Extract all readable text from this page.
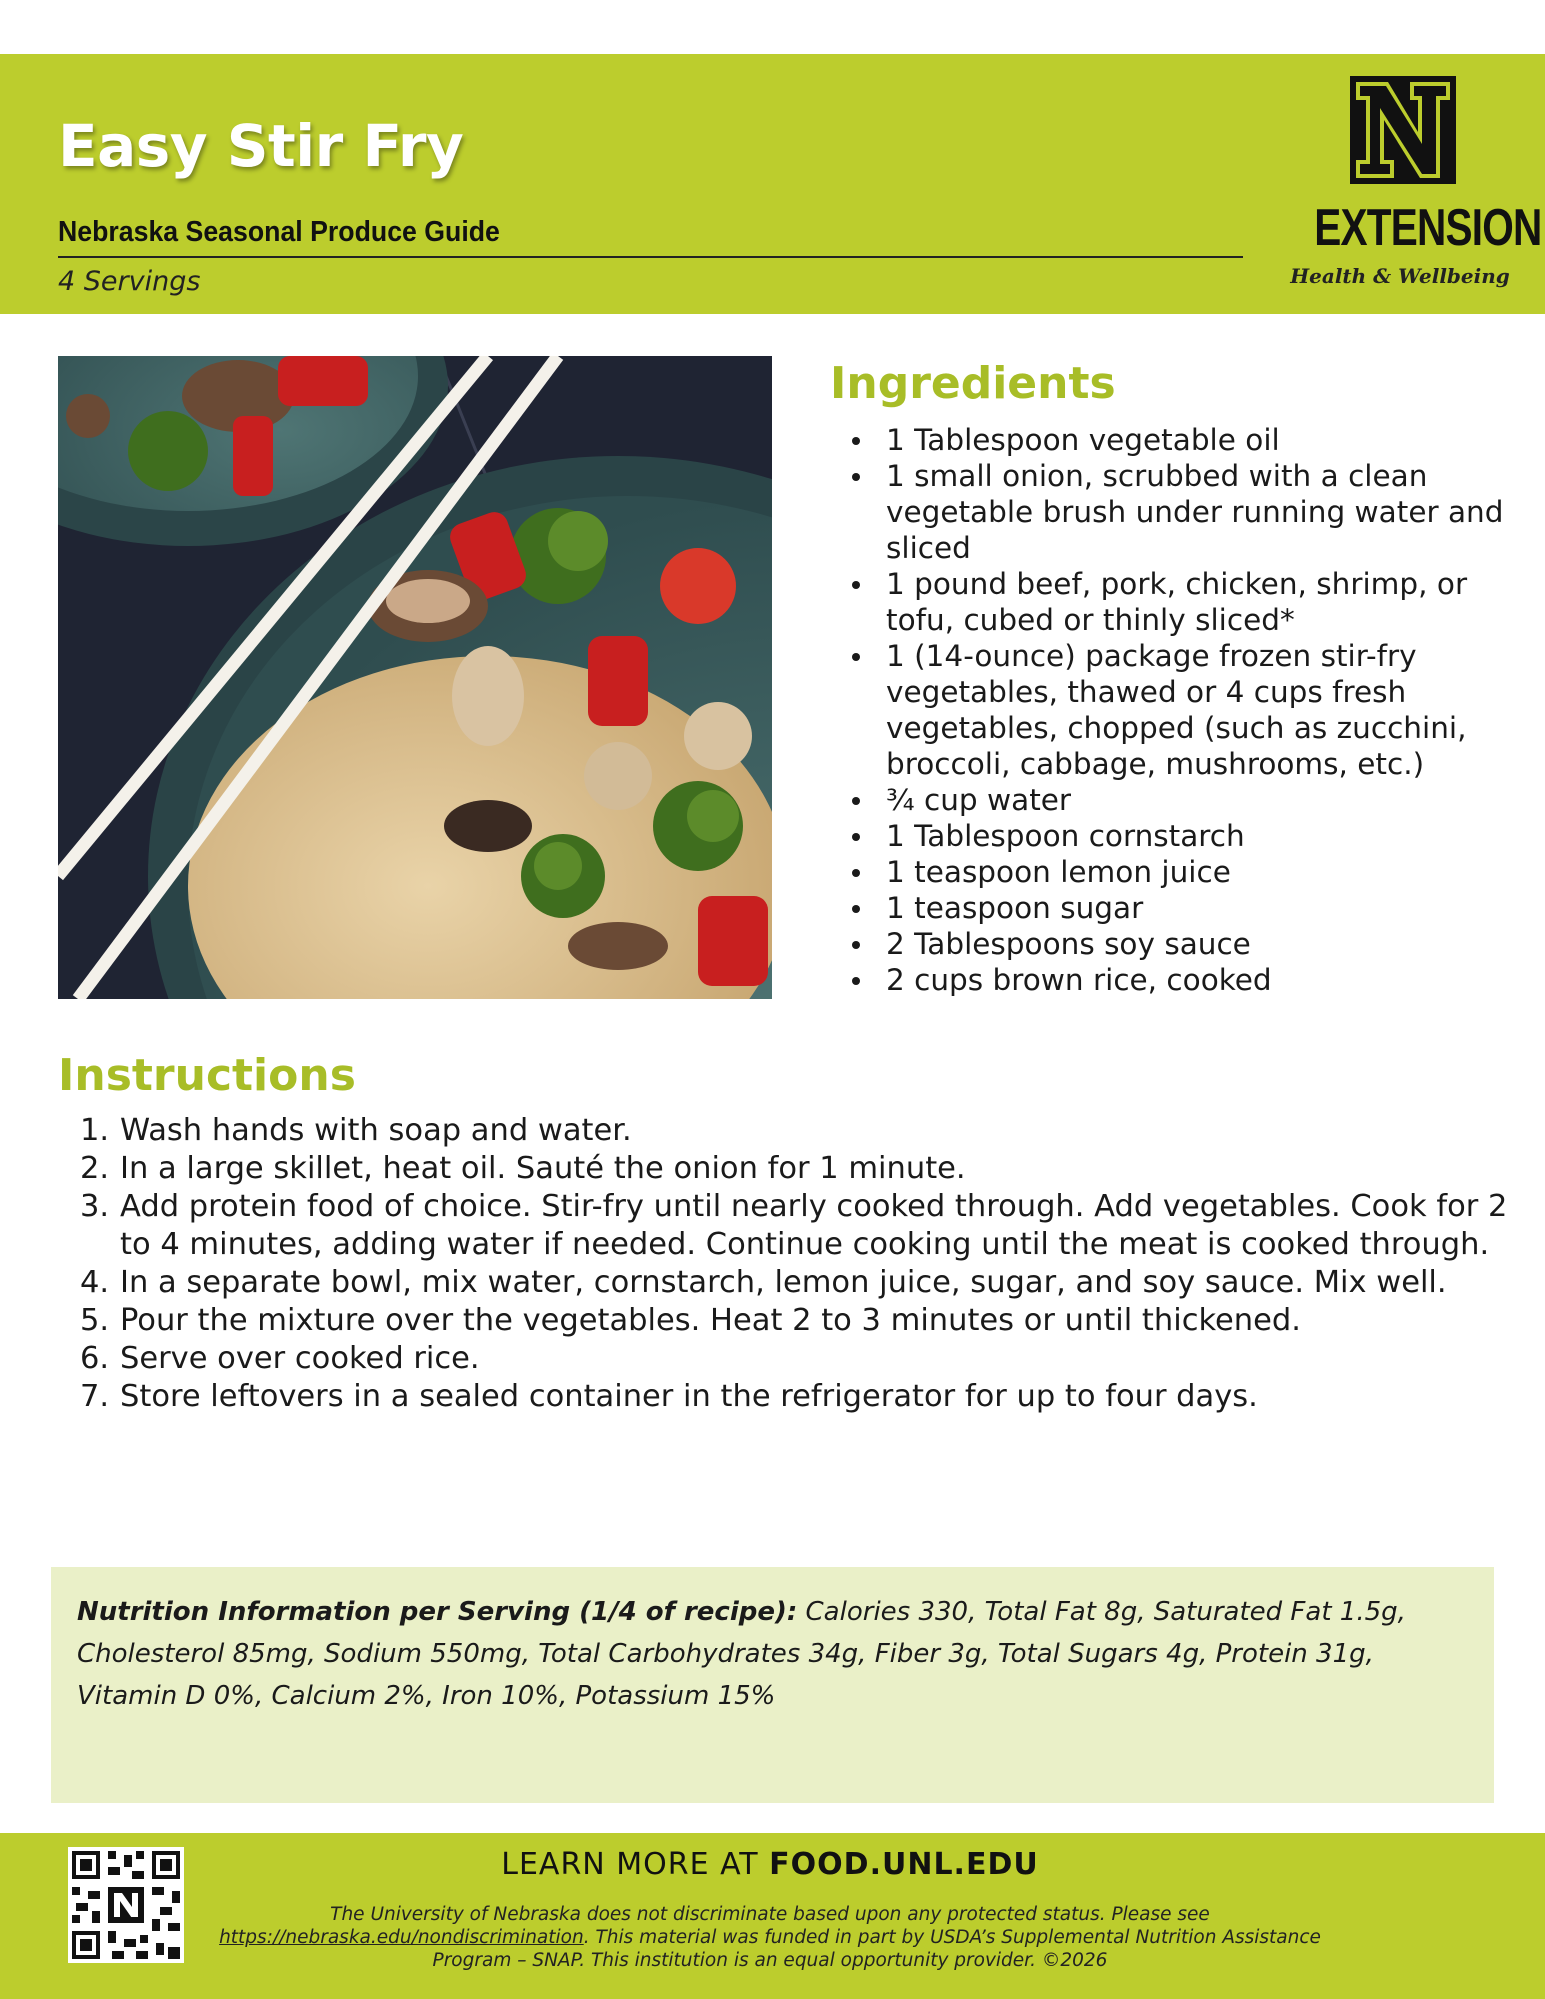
Easy Stir Fry
Nebraska Seasonal Produce Guide
4 Servings
EXTENSION
Health & Wellbeing
Ingredients
1 Tablespoon vegetable oil
1 small onion, scrubbed with a clean vegetable brush under running water and sliced
1 pound beef, pork, chicken, shrimp, or tofu, cubed or thinly sliced*
1 (14-ounce) package frozen stir-fry vegetables, thawed or 4 cups fresh vegetables, chopped (such as zucchini, broccoli, cabbage, mushrooms, etc.)
¾ cup water
1 Tablespoon cornstarch
1 teaspoon lemon juice
1 teaspoon sugar
2 Tablespoons soy sauce
2 cups brown rice, cooked
Instructions
1. Wash hands with soap and water.
2. In a large skillet, heat oil. Sauté the onion for 1 minute.
3. Add protein food of choice. Stir-fry until nearly cooked through. Add vegetables. Cook for 2 to 4 minutes, adding water if needed. Continue cooking until the meat is cooked through.
4. In a separate bowl, mix water, cornstarch, lemon juice, sugar, and soy sauce. Mix well.
5. Pour the mixture over the vegetables. Heat 2 to 3 minutes or until thickened.
6. Serve over cooked rice.
7. Store leftovers in a sealed container in the refrigerator for up to four days.

Nutrition Information per Serving (1/4 of recipe): Calories 330, Total Fat 8g, Saturated Fat 1.5g, Cholesterol 85mg, Sodium 550mg, Total Carbohydrates 34g, Fiber 3g, Total Sugars 4g, Protein 31g, Vitamin D 0%, Calcium 2%, Iron 10%, Potassium 15%

LEARN MORE AT FOOD.UNL.EDU
The University of Nebraska does not discriminate based upon any protected status. Please see https://nebraska.edu/nondiscrimination. This material was funded in part by USDA’s Supplemental Nutrition Assistance Program – SNAP. This institution is an equal opportunity provider. ©2026
